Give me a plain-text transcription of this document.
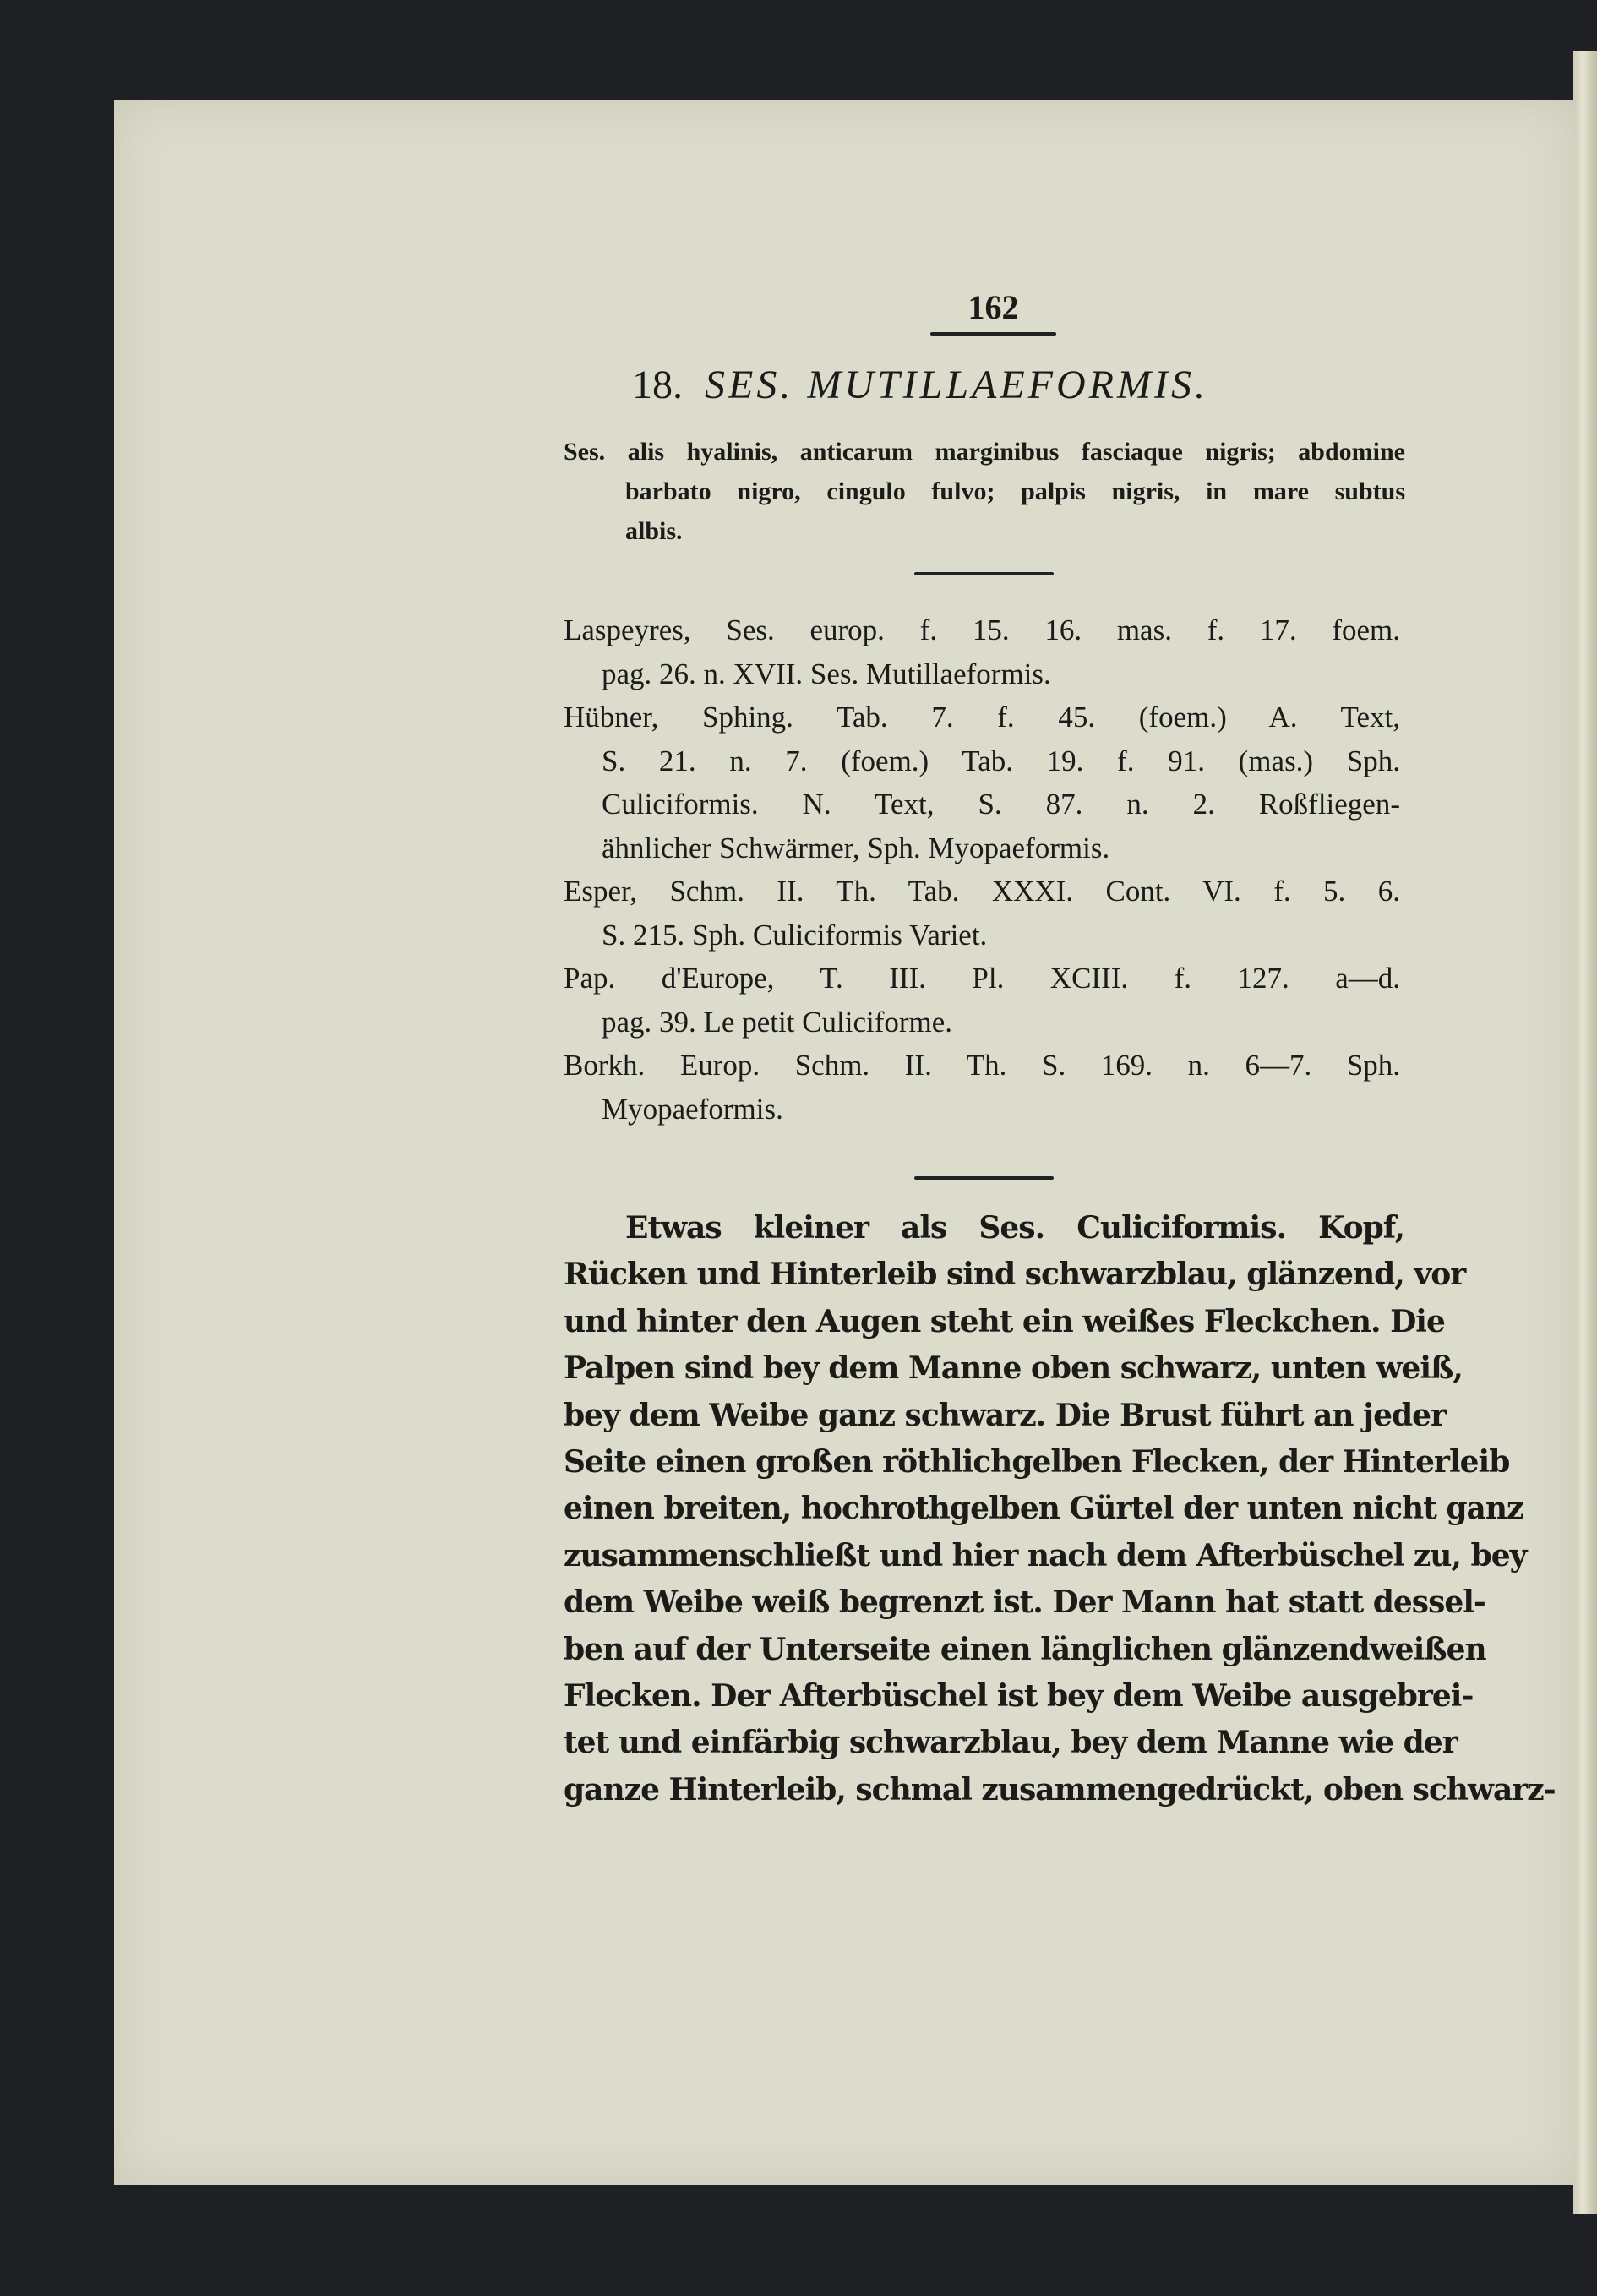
162
18. SES. MUTILLAEFORMIS.
Ses. alis hyalinis, anticarum marginibus fasciaque nigris; abdomine
barbato nigro, cingulo fulvo; palpis nigris, in mare subtus
albis.
Laspeyres, Ses. europ. f. 15. 16. mas. f. 17. foem.
pag. 26. n. XVII. Ses. Mutillaeformis.
Hübner, Sphing. Tab. 7. f. 45. (foem.) A. Text,
S. 21. n. 7. (foem.) Tab. 19. f. 91. (mas.) Sph.
Culiciformis. N. Text, S. 87. n. 2. Roßfliegen-
ähnlicher Schwärmer, Sph. Myopaeformis.
Esper, Schm. II. Th. Tab. XXXI. Cont. VI. f. 5. 6.
S. 215. Sph. Culiciformis Variet.
Pap. d'Europe, T. III. Pl. XCIII. f. 127. a—d.
pag. 39. Le petit Culiciforme.
Borkh. Europ. Schm. II. Th. S. 169. n. 6—7. Sph.
Myopaeformis.
Etwas kleiner als Ses. Culiciformis. Kopf,
Rücken und Hinterleib sind schwarzblau, glänzend, vor
und hinter den Augen steht ein weißes Fleckchen. Die
Palpen sind bey dem Manne oben schwarz, unten weiß,
bey dem Weibe ganz schwarz. Die Brust führt an jeder
Seite einen großen röthlichgelben Flecken, der Hinterleib
einen breiten, hochrothgelben Gürtel der unten nicht ganz
zusammenschließt und hier nach dem Afterbüschel zu, bey
dem Weibe weiß begrenzt ist. Der Mann hat statt dessel-
ben auf der Unterseite einen länglichen glänzendweißen
Flecken. Der Afterbüschel ist bey dem Weibe ausgebrei-
tet und einfärbig schwarzblau, bey dem Manne wie der
ganze Hinterleib, schmal zusammengedrückt, oben schwarz-
